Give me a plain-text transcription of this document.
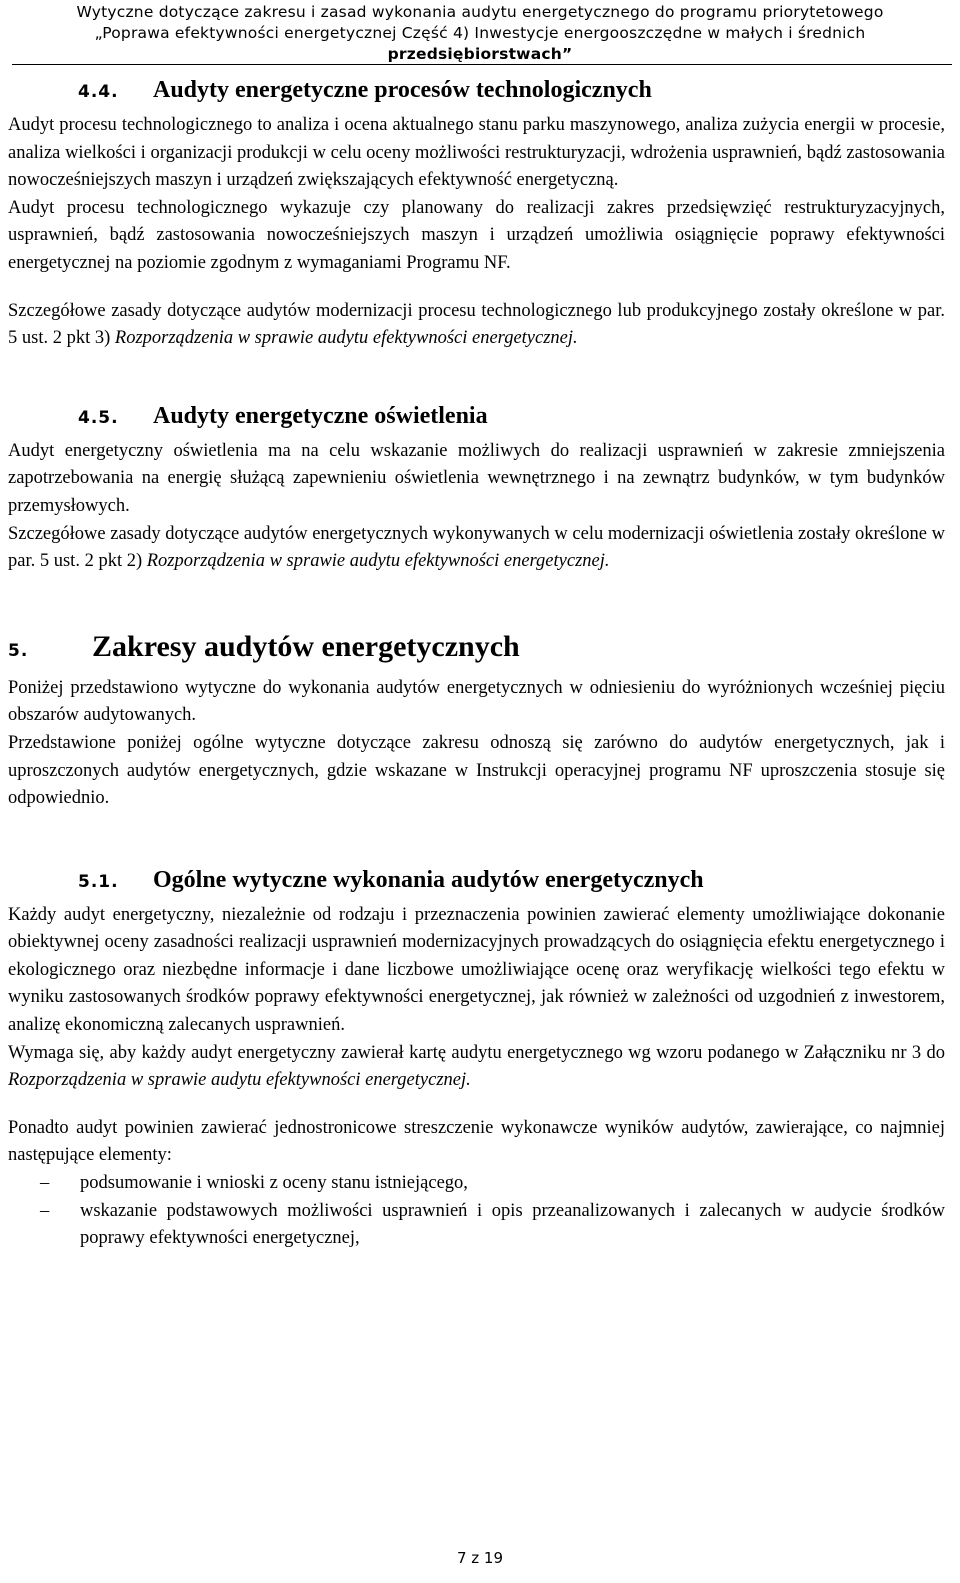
Wytyczne dotyczące zakresu i zasad wykonania audytu energetycznego do programu priorytetowego
„Poprawa efektywności energetycznej Część 4) Inwestycje energooszczędne w małych i średnich
przedsiębiorstwach”
4.4.	Audyty energetyczne procesów technologicznych

Audyt procesu technologicznego to analiza i ocena aktualnego stanu parku maszynowego, analiza zużycia energii w procesie, analiza wielkości i organizacji produkcji w celu oceny możliwości restrukturyzacji, wdrożenia usprawnień, bądź zastosowania nowocześniejszych maszyn i urządzeń zwiększających efektywność energetyczną.

Audyt procesu technologicznego wykazuje czy planowany do realizacji zakres przedsięwzięć restrukturyzacyjnych, usprawnień, bądź zastosowania nowocześniejszych maszyn i urządzeń umożliwia osiągnięcie poprawy efektywności energetycznej na poziomie zgodnym z wymaganiami Programu NF.

Szczegółowe zasady dotyczące audytów modernizacji procesu technologicznego lub produkcyjnego zostały określone w par. 5 ust. 2 pkt 3) Rozporządzenia w sprawie audytu efektywności energetycznej.

4.5.	Audyty energetyczne oświetlenia

Audyt energetyczny oświetlenia ma na celu wskazanie możliwych do realizacji usprawnień w zakresie zmniejszenia zapotrzebowania na energię służącą zapewnieniu oświetlenia wewnętrznego i na zewnątrz budynków, w tym budynków przemysłowych.

Szczegółowe zasady dotyczące audytów energetycznych wykonywanych w celu modernizacji oświetlenia zostały określone w par. 5 ust. 2 pkt 2) Rozporządzenia w sprawie audytu efektywności energetycznej.

5.	Zakresy audytów energetycznych

Poniżej przedstawiono wytyczne do wykonania audytów energetycznych w odniesieniu do wyróżnionych wcześniej pięciu obszarów audytowanych.

Przedstawione poniżej ogólne wytyczne dotyczące zakresu odnoszą się zarówno do audytów energetycznych, jak i uproszczonych audytów energetycznych, gdzie wskazane w Instrukcji operacyjnej programu NF uproszczenia stosuje się odpowiednio.

5.1.	Ogólne wytyczne wykonania audytów energetycznych

Każdy audyt energetyczny, niezależnie od rodzaju i przeznaczenia powinien zawierać elementy umożliwiające dokonanie obiektywnej oceny zasadności realizacji usprawnień modernizacyjnych prowadzących do osiągnięcia efektu energetycznego i ekologicznego oraz niezbędne informacje i dane liczbowe umożliwiające ocenę oraz weryfikację wielkości tego efektu w wyniku zastosowanych środków poprawy efektywności energetycznej, jak również w zależności od uzgodnień z inwestorem, analizę ekonomiczną zalecanych usprawnień.

Wymaga się, aby każdy audyt energetyczny zawierał kartę audytu energetycznego wg wzoru podanego w Załączniku nr 3 do Rozporządzenia w sprawie audytu efektywności energetycznej.

Ponadto audyt powinien zawierać jednostronicowe streszczenie wykonawcze wyników audytów, zawierające, co najmniej następujące elementy:

– podsumowanie i wnioski z oceny stanu istniejącego,
– wskazanie podstawowych możliwości usprawnień i opis przeanalizowanych i zalecanych w audycie środków poprawy efektywności energetycznej,
7 z 19
